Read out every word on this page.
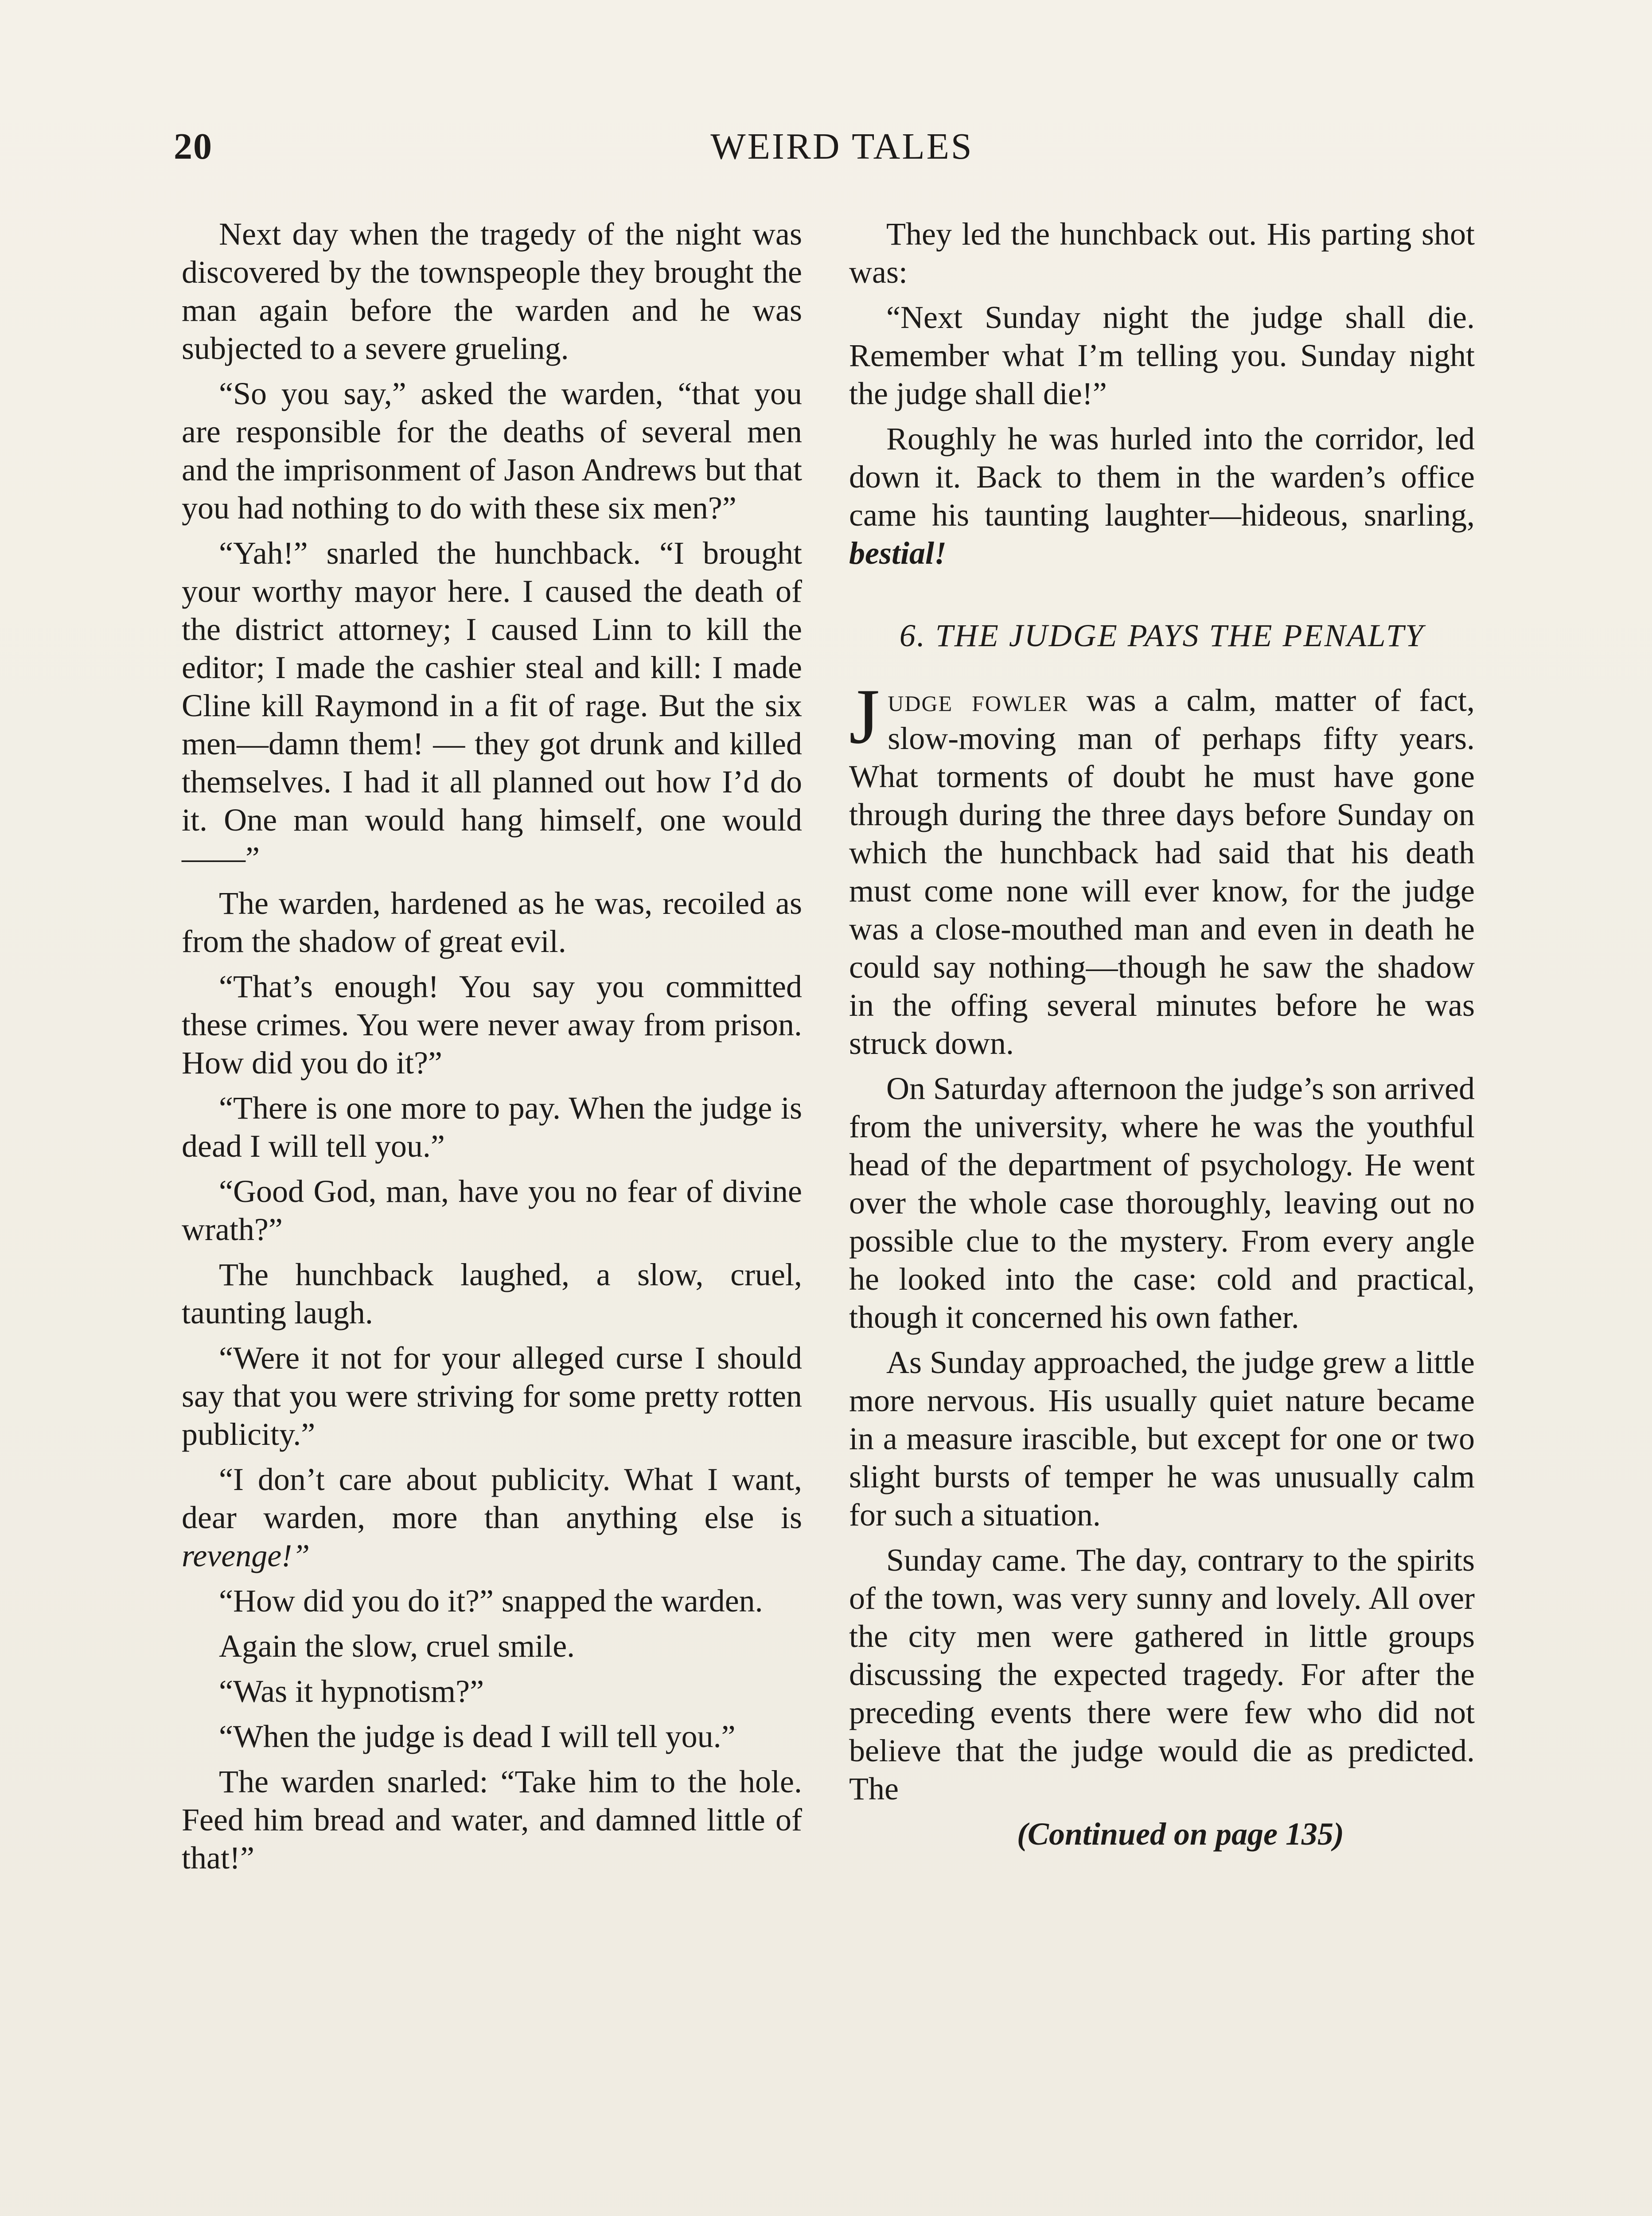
20	WEIRD TALES

Next day when the tragedy of the night was discovered by the townspeople they brought the man again before the warden and he was subjected to a severe grueling.

“So you say,” asked the warden, “that you are responsible for the deaths of several men and the imprisonment of Jason Andrews but that you had nothing to do with these six men?”

“Yah!” snarled the hunchback. “I brought your worthy mayor here. I caused the death of the district attorney; I caused Linn to kill the editor; I made the cashier steal and kill: I made Cline kill Raymond in a fit of rage. But the six men—damn them! — they got drunk and killed themselves. I had it all planned out how I’d do it. One man would hang himself, one would——”

The warden, hardened as he was, recoiled as from the shadow of great evil.

“That’s enough! You say you committed these crimes. You were never away from prison. How did you do it?”

“There is one more to pay. When the judge is dead I will tell you.”

“Good God, man, have you no fear of divine wrath?”

The hunchback laughed, a slow, cruel, taunting laugh.

“Were it not for your alleged curse I should say that you were striving for some pretty rotten publicity.”

“I don’t care about publicity. What I want, dear warden, more than anything else is revenge!”

“How did you do it?” snapped the warden.

Again the slow, cruel smile.

“Was it hypnotism?”

“When the judge is dead I will tell you.”

The warden snarled: “Take him to the hole. Feed him bread and water, and damned little of that!”

They led the hunchback out. His parting shot was:

“Next Sunday night the judge shall die. Remember what I’m telling you. Sunday night the judge shall die!”

Roughly he was hurled into the corridor, led down it. Back to them in the warden’s office came his taunting laughter—hideous, snarling, bestial!

6. THE JUDGE PAYS THE PENALTY

Judge fowler was a calm, matter of fact, slow-moving man of perhaps fifty years. What torments of doubt he must have gone through during the three days before Sunday on which the hunchback had said that his death must come none will ever know, for the judge was a close-mouthed man and even in death he could say nothing—though he saw the shadow in the offing several minutes before he was struck down.

On Saturday afternoon the judge’s son arrived from the university, where he was the youthful head of the department of psychology. He went over the whole case thoroughly, leaving out no possible clue to the mystery. From every angle he looked into the case: cold and practical, though it concerned his own father.

As Sunday approached, the judge grew a little more nervous. His usually quiet nature became in a measure irascible, but except for one or two slight bursts of temper he was unusually calm for such a situation.

Sunday came. The day, contrary to the spirits of the town, was very sunny and lovely. All over the city men were gathered in little groups discussing the expected tragedy. For after the preceding events there were few who did not believe that the judge would die as predicted. The

(Continued on page 135)
